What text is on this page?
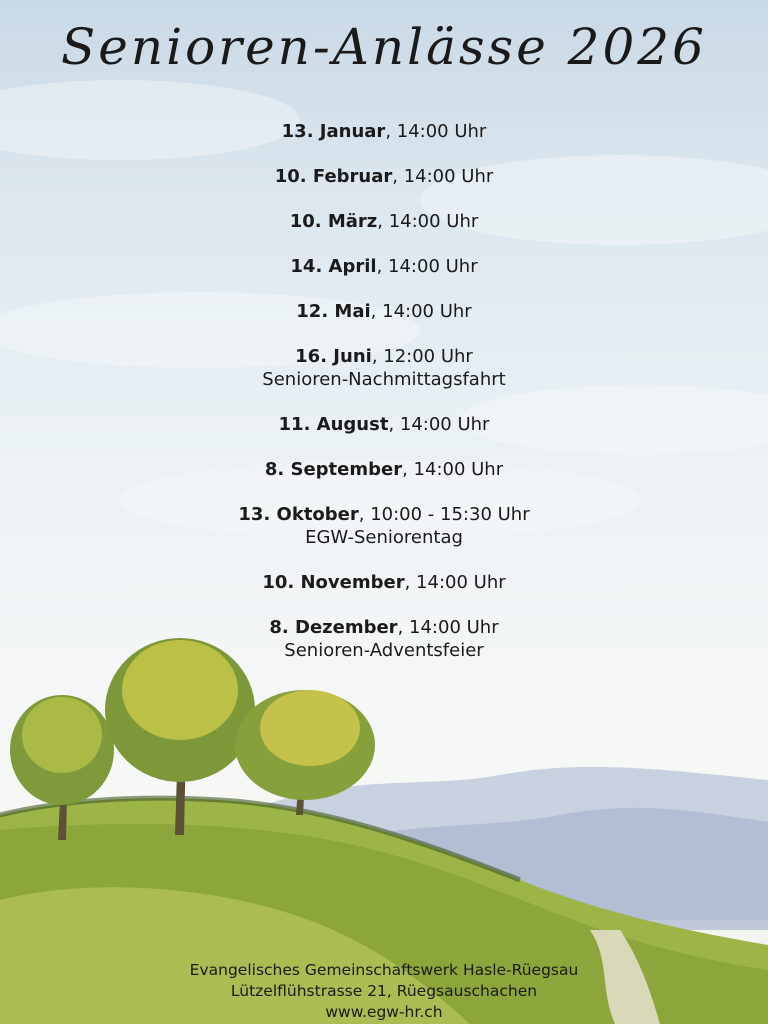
Senioren-Anlässe 2026
13. Januar, 14:00 Uhr
10. Februar, 14:00 Uhr
10. März, 14:00 Uhr
14. April, 14:00 Uhr
12. Mai, 14:00 Uhr
16. Juni, 12:00 Uhr
Senioren-Nachmittagsfahrt
11. August, 14:00 Uhr
8. September, 14:00 Uhr
13. Oktober, 10:00 - 15:30 Uhr
EGW-Seniorentag
10. November, 14:00 Uhr
8. Dezember, 14:00 Uhr
Senioren-Adventsfeier
Evangelisches Gemeinschaftswerk Hasle-Rüegsau
Lützelflühstrasse 21, Rüegsauschachen
www.egw-hr.ch
